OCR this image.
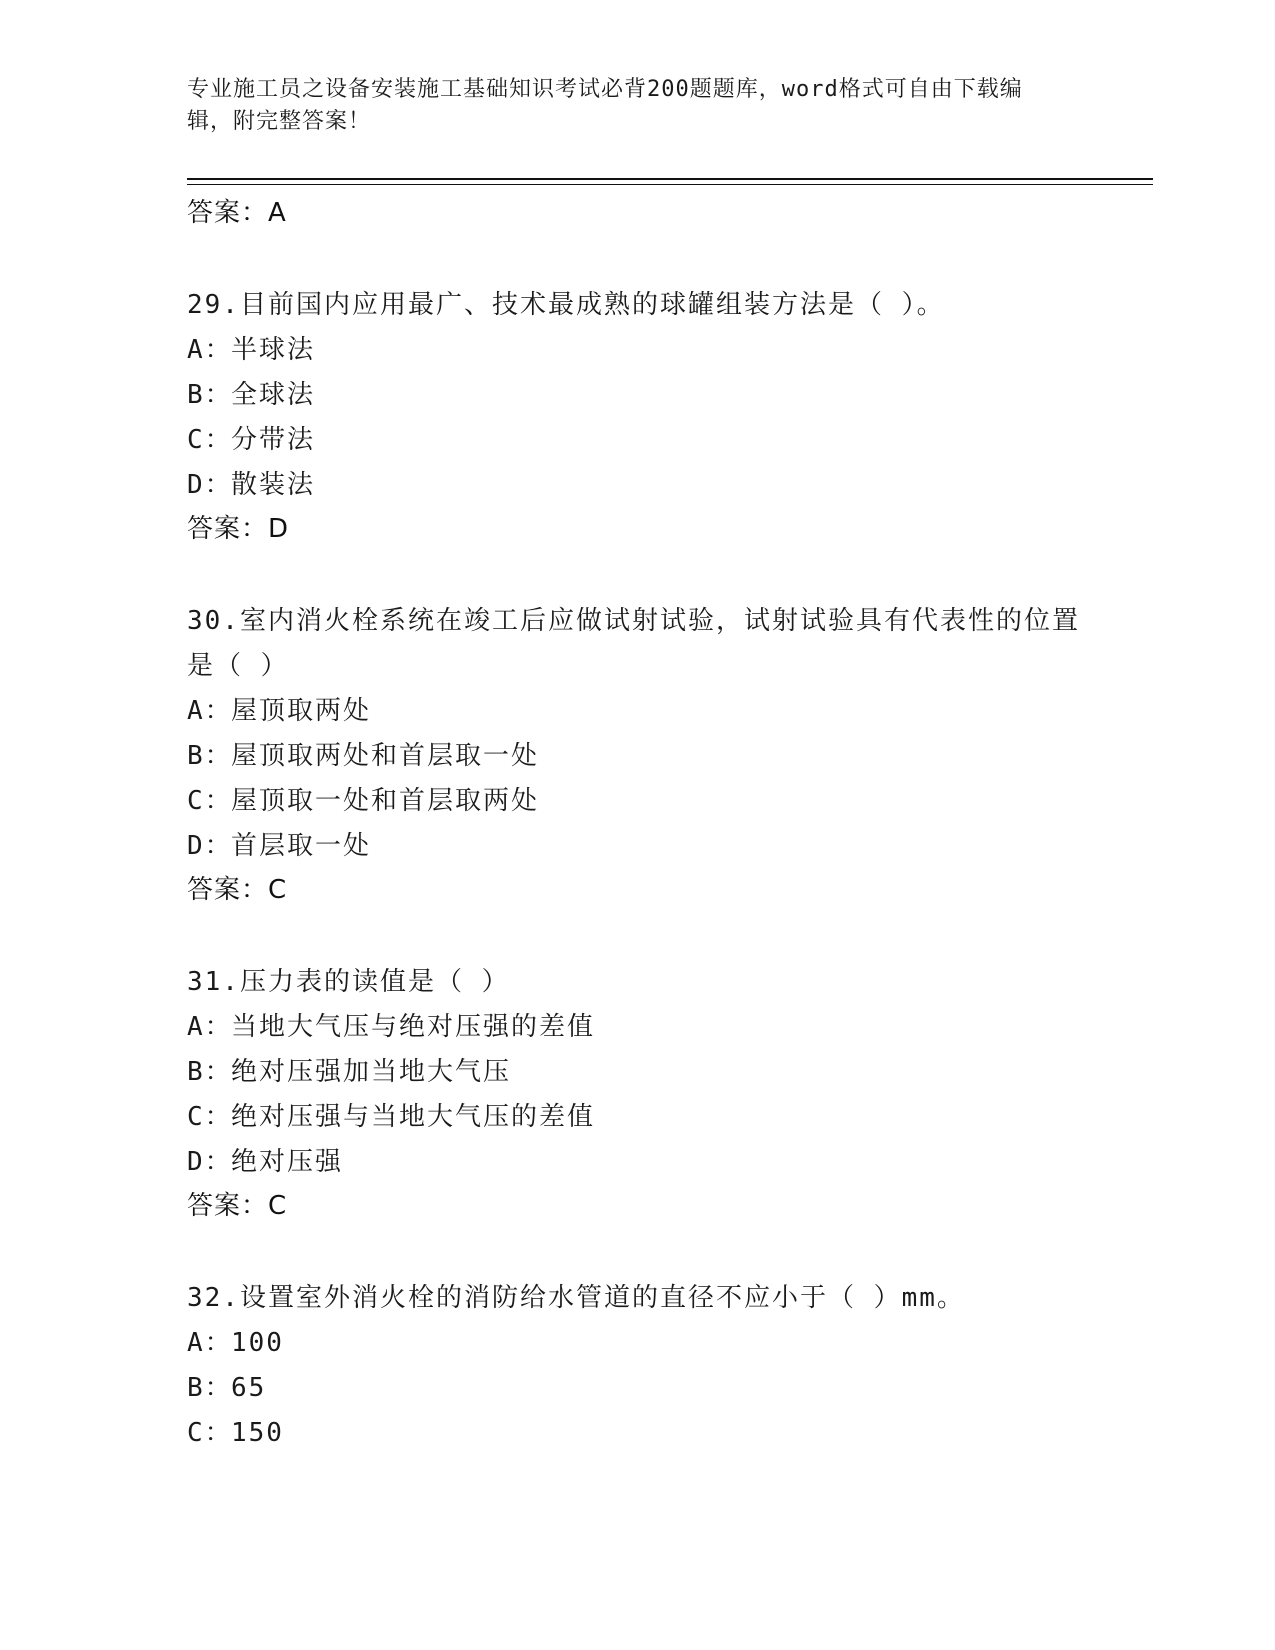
专业施工员之设备安装施工基础知识考试必背200题题库，word格式可自由下载编辑，附完整答案！
答案：A
29.目前国内应用最广、技术最成熟的球罐组装方法是（ ）。
A：半球法
B：全球法
C：分带法
D：散装法
答案：D
30.室内消火栓系统在竣工后应做试射试验，试射试验具有代表性的位置是（ ）
A：屋顶取两处
B：屋顶取两处和首层取一处
C：屋顶取一处和首层取两处
D：首层取一处
答案：C
31.压力表的读值是（ ）
A：当地大气压与绝对压强的差值
B：绝对压强加当地大气压
C：绝对压强与当地大气压的差值
D：绝对压强
答案：C
32.设置室外消火栓的消防给水管道的直径不应小于（ ）mm。
A：100
B：65
C：150
